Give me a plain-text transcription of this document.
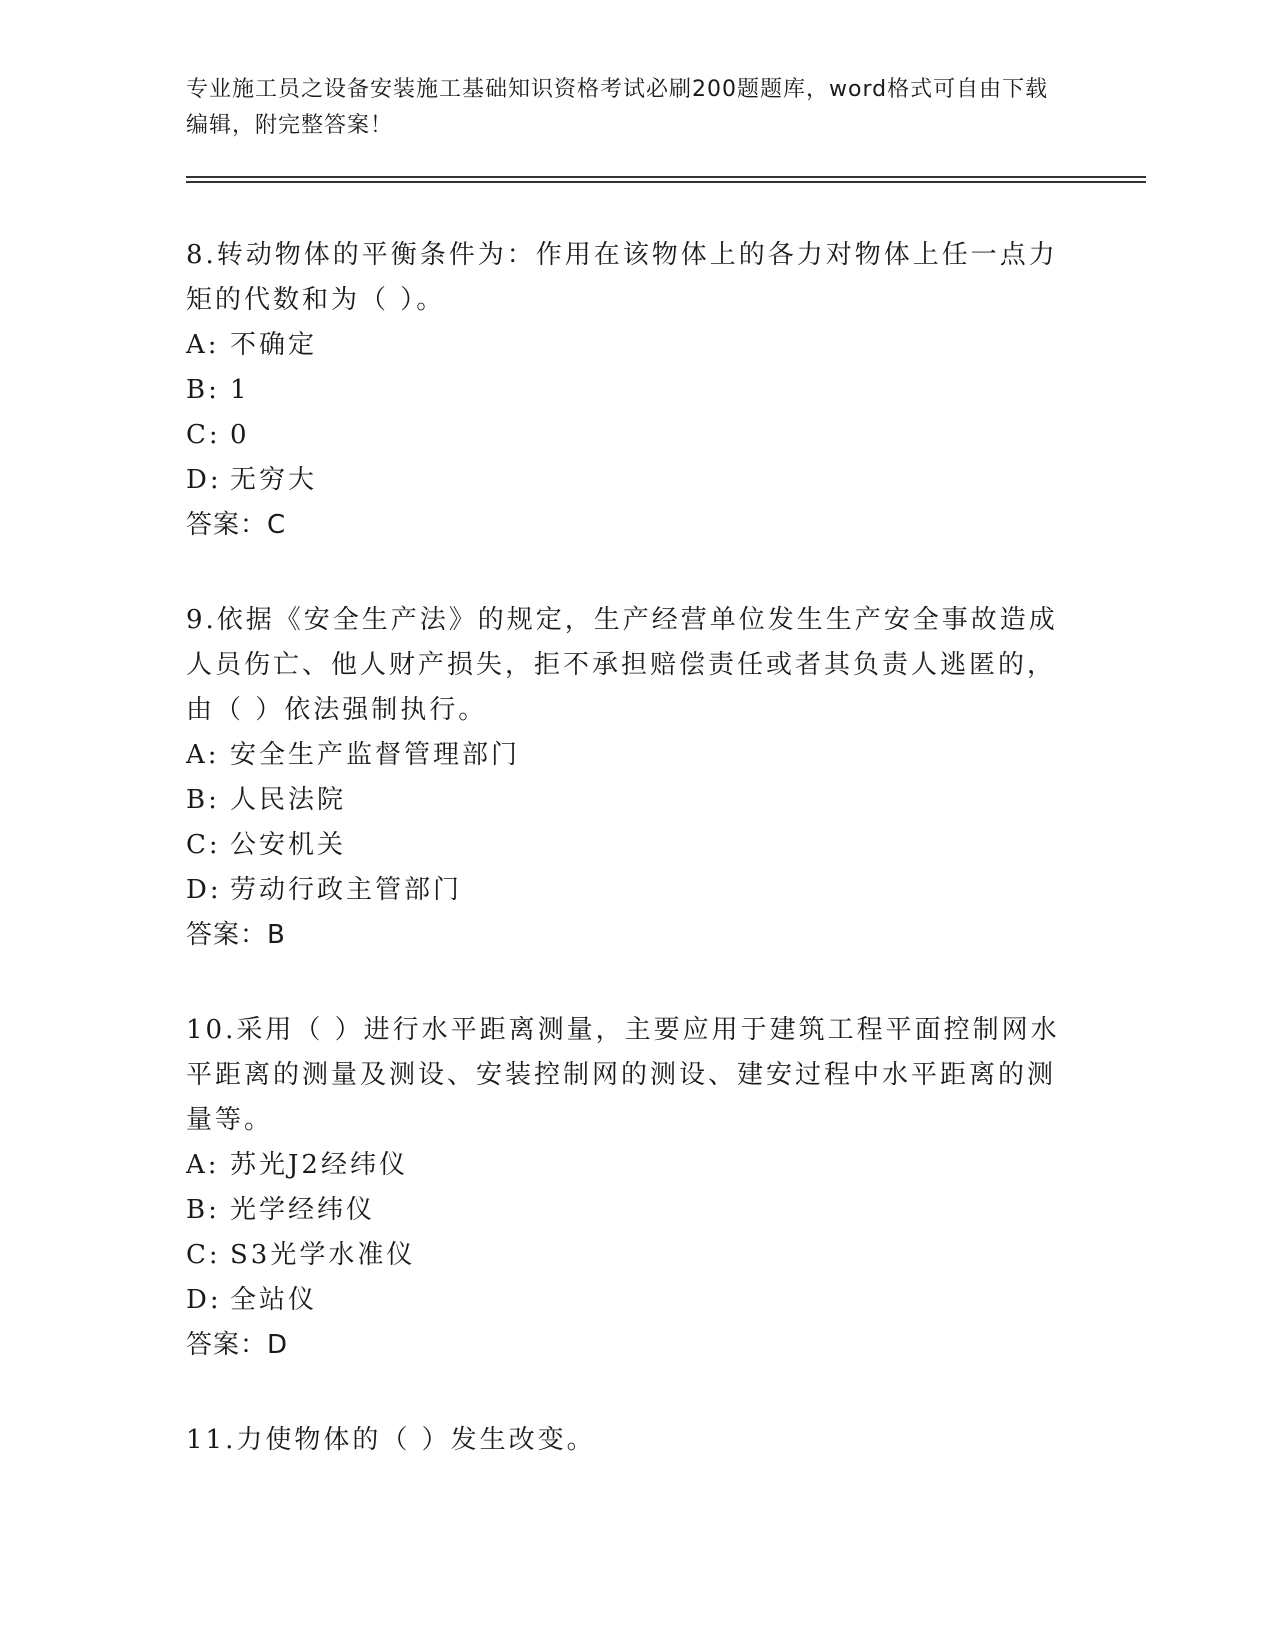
专业施工员之设备安装施工基础知识资格考试必刷200题题库，word格式可自由下载编辑，附完整答案！
8.转动物体的平衡条件为：作用在该物体上的各力对物体上任一点力矩的代数和为（ ）。
A: 不确定
B: 1
C: 0
D: 无穷大
答案：C
9.依据《安全生产法》的规定，生产经营单位发生生产安全事故造成人员伤亡、他人财产损失，拒不承担赔偿责任或者其负责人逃匿的，由（ ）依法强制执行。
A: 安全生产监督管理部门
B: 人民法院
C: 公安机关
D: 劳动行政主管部门
答案：B
10.采用（ ）进行水平距离测量，主要应用于建筑工程平面控制网水平距离的测量及测设、安装控制网的测设、建安过程中水平距离的测量等。
A: 苏光J2经纬仪
B: 光学经纬仪
C: S3光学水准仪
D: 全站仪
答案：D
11.力使物体的（ ）发生改变。
